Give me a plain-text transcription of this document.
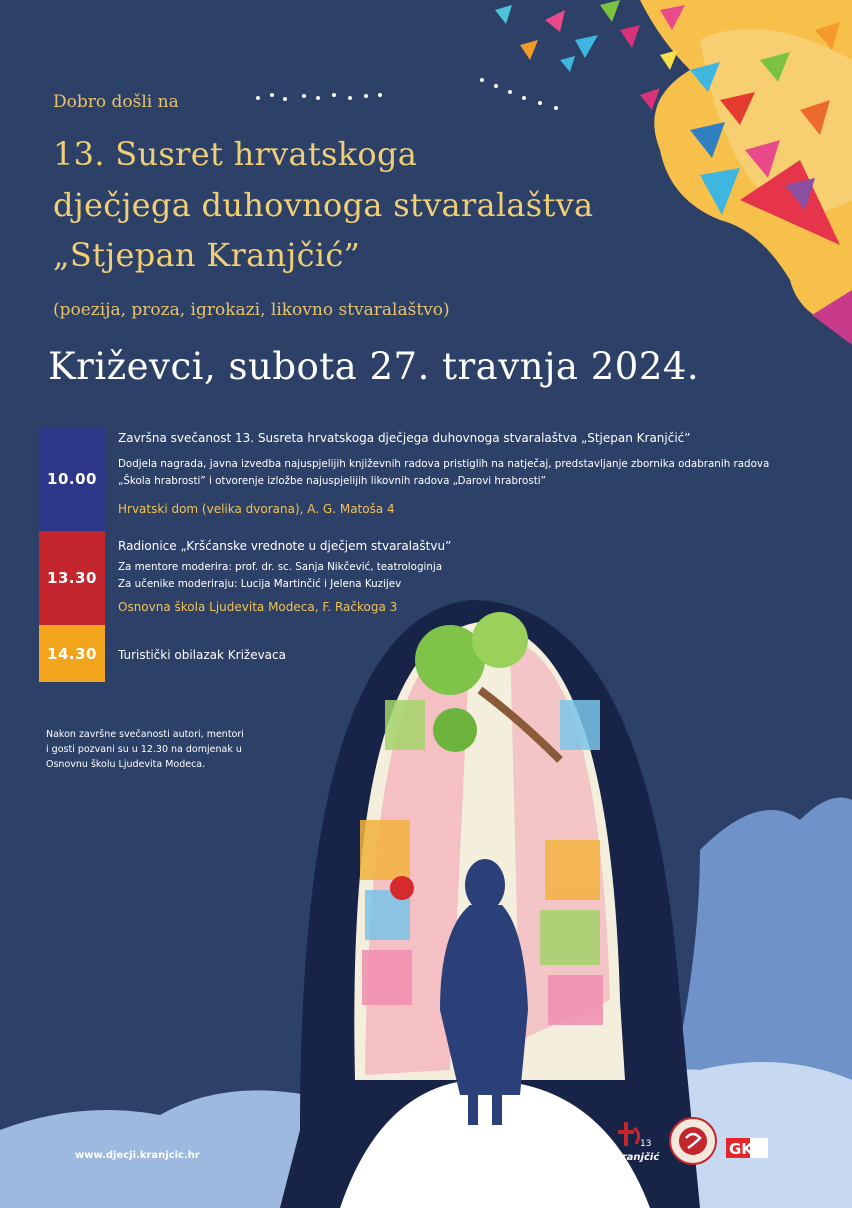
Dobro došli na
13. Susret hrvatskoga
dječjega duhovnoga stvaralaštva
„Stjepan Kranjčić”
(poezija, proza, igrokazi, likovno stvaralaštvo)
Križevci, subota 27. travnja 2024.
10.00
13.30
14.30
Završna svečanost 13. Susreta hrvatskoga dječjega duhovnoga stvaralaštva „Stjepan Kranjčić”
Dodjela nagrada, javna izvedba najuspjelijih književnih radova pristiglih na natječaj, predstavljanje zbornika odabranih radova
„Škola hrabrosti” i otvorenje izložbe najuspjelijih likovnih radova „Darovi hrabrosti”
Hrvatski dom (velika dvorana), A. G. Matoša 4
Radionice „Kršćanske vrednote u dječjem stvaralaštvu”
Za mentore moderira: prof. dr. sc. Sanja Nikčević, teatrologinja
Za učenike moderiraju: Lucija Martinčić i Jelena Kuzijev
Osnovna škola Ljudevita Modeca, F. Račkoga 3
Turistički obilazak Križevaca
Nakon završne svečanosti autori, mentori
i gosti pozvani su u 12.30 na domjenak u
Osnovnu školu Ljudevita Modeca.
www.djecji.kranjcic.hr
13
Kranjčić	GK
